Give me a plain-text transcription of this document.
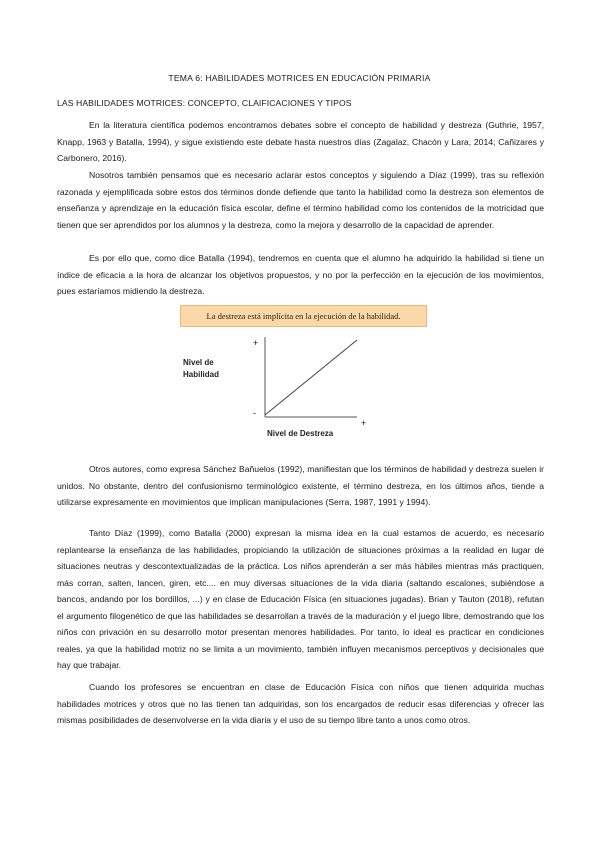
TEMA 6: HABILIDADES MOTRICES EN EDUCACIÓN PRIMARIA
LAS HABILIDADES MOTRICES: CONCEPTO, CLAIFICACIONES Y TIPOS

En la literatura científica podemos encontramos debates sobre el concepto de habilidad y destreza (Guthrie, 1957, Knapp, 1963 y Batalla, 1994), y sigue existiendo este debate hasta nuestros días (Zagalaz, Chacón y Lara, 2014; Cañizares y Carbonero, 2016).

Nosotros también pensamos que es necesario aclarar estos conceptos y siguiendo a Díaz (1999), tras su reflexión razonada y ejemplificada sobre estos dos términos donde defiende que tanto la habilidad como la destreza son elementos de enseñanza y aprendizaje en la educación física escolar, define el término habilidad como los contenidos de la motricidad que tienen que ser aprendidos por los alumnos y la destreza, como la mejora y desarrollo de la capacidad de aprender.

Es por ello que, como dice Batalla (1994), tendremos en cuenta que el alumno ha adquirido la habilidad si tiene un índice de eficacia a la hora de alcanzar los objetivos propuestos, y no por la perfección en la ejecución de los movimientos, pues estaríamos midiendo la destreza.

La destreza está implícita en la ejecución de la habilidad.
Nivel de
Habilidad
+
-
+
Nivel de Destreza

Otros autores, como expresa Sánchez Bañuelos (1992), manifiestan que los términos de habilidad y destreza suelen ir unidos. No obstante, dentro del confusionismo terminológico existente, el término destreza, en los últimos años, tiende a utilizarse expresamente en movimientos que implican manipulaciones (Serra, 1987, 1991 y 1994).

Tanto Díaz (1999), como Batalla (2000) expresan la misma idea en la cual estamos de acuerdo, es necesario replantearse la enseñanza de las habilidades, propiciando la utilización de situaciones próximas a la realidad en lugar de situaciones neutras y descontextualizadas de la práctica. Los niños aprenderán a ser más hábiles mientras más practiquen, más corran, salten, lancen, giren, etc.... en muy diversas situaciones de la vida diaria (saltando escalones, subiéndose a bancos, andando por los bordillos, ...) y en clase de Educación Física (en situaciones jugadas). Brian y Tauton (2018), refutan el argumento filogenético de que las habilidades se desarrollan a través de la maduración y el juego libre, demostrando que los niños con privación en su desarrollo motor presentan menores habilidades. Por tanto, lo ideal es practicar en condiciones reales, ya que la habilidad motriz no se limita a un movimiento, también influyen mecanismos perceptivos y decisionales que hay que trabajar.

Cuando los profesores se encuentran en clase de Educación Física con niños que tienen adquirida muchas habilidades motrices y otros que no las tienen tan adquiridas, son los encargados de reducir esas diferencias y ofrecer las mismas posibilidades de desenvolverse en la vida diaria y el uso de su tiempo libre tanto a unos como otros.
